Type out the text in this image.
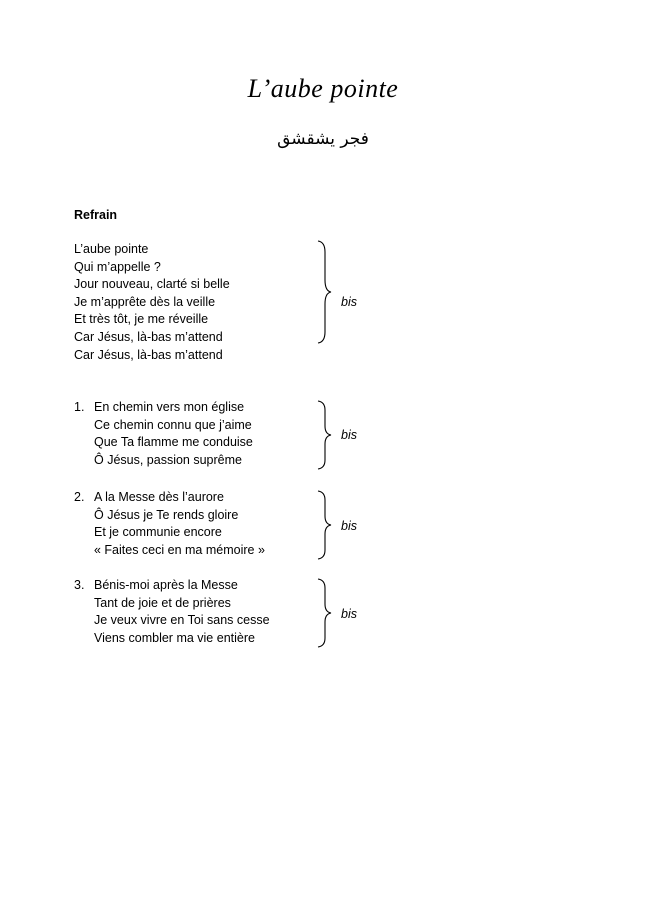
L’aube pointe
فجر يشقشق
Refrain
L’aube pointe
Qui m’appelle ?
Jour nouveau, clarté si belle
Je m’apprête dès la veille
Et très tôt, je me réveille
Car Jésus, là-bas m’attend
Car Jésus, là-bas m’attend
bis
1. En chemin vers mon église
Ce chemin connu que j’aime
Que Ta flamme me conduise
Ô Jésus, passion suprême
bis
2. A la Messe dès l’aurore
Ô Jésus je Te rends gloire
Et je communie encore
« Faites ceci en ma mémoire »
bis
3. Bénis-moi après la Messe
Tant de joie et de prières
Je veux vivre en Toi sans cesse
Viens combler ma vie entière
bis
